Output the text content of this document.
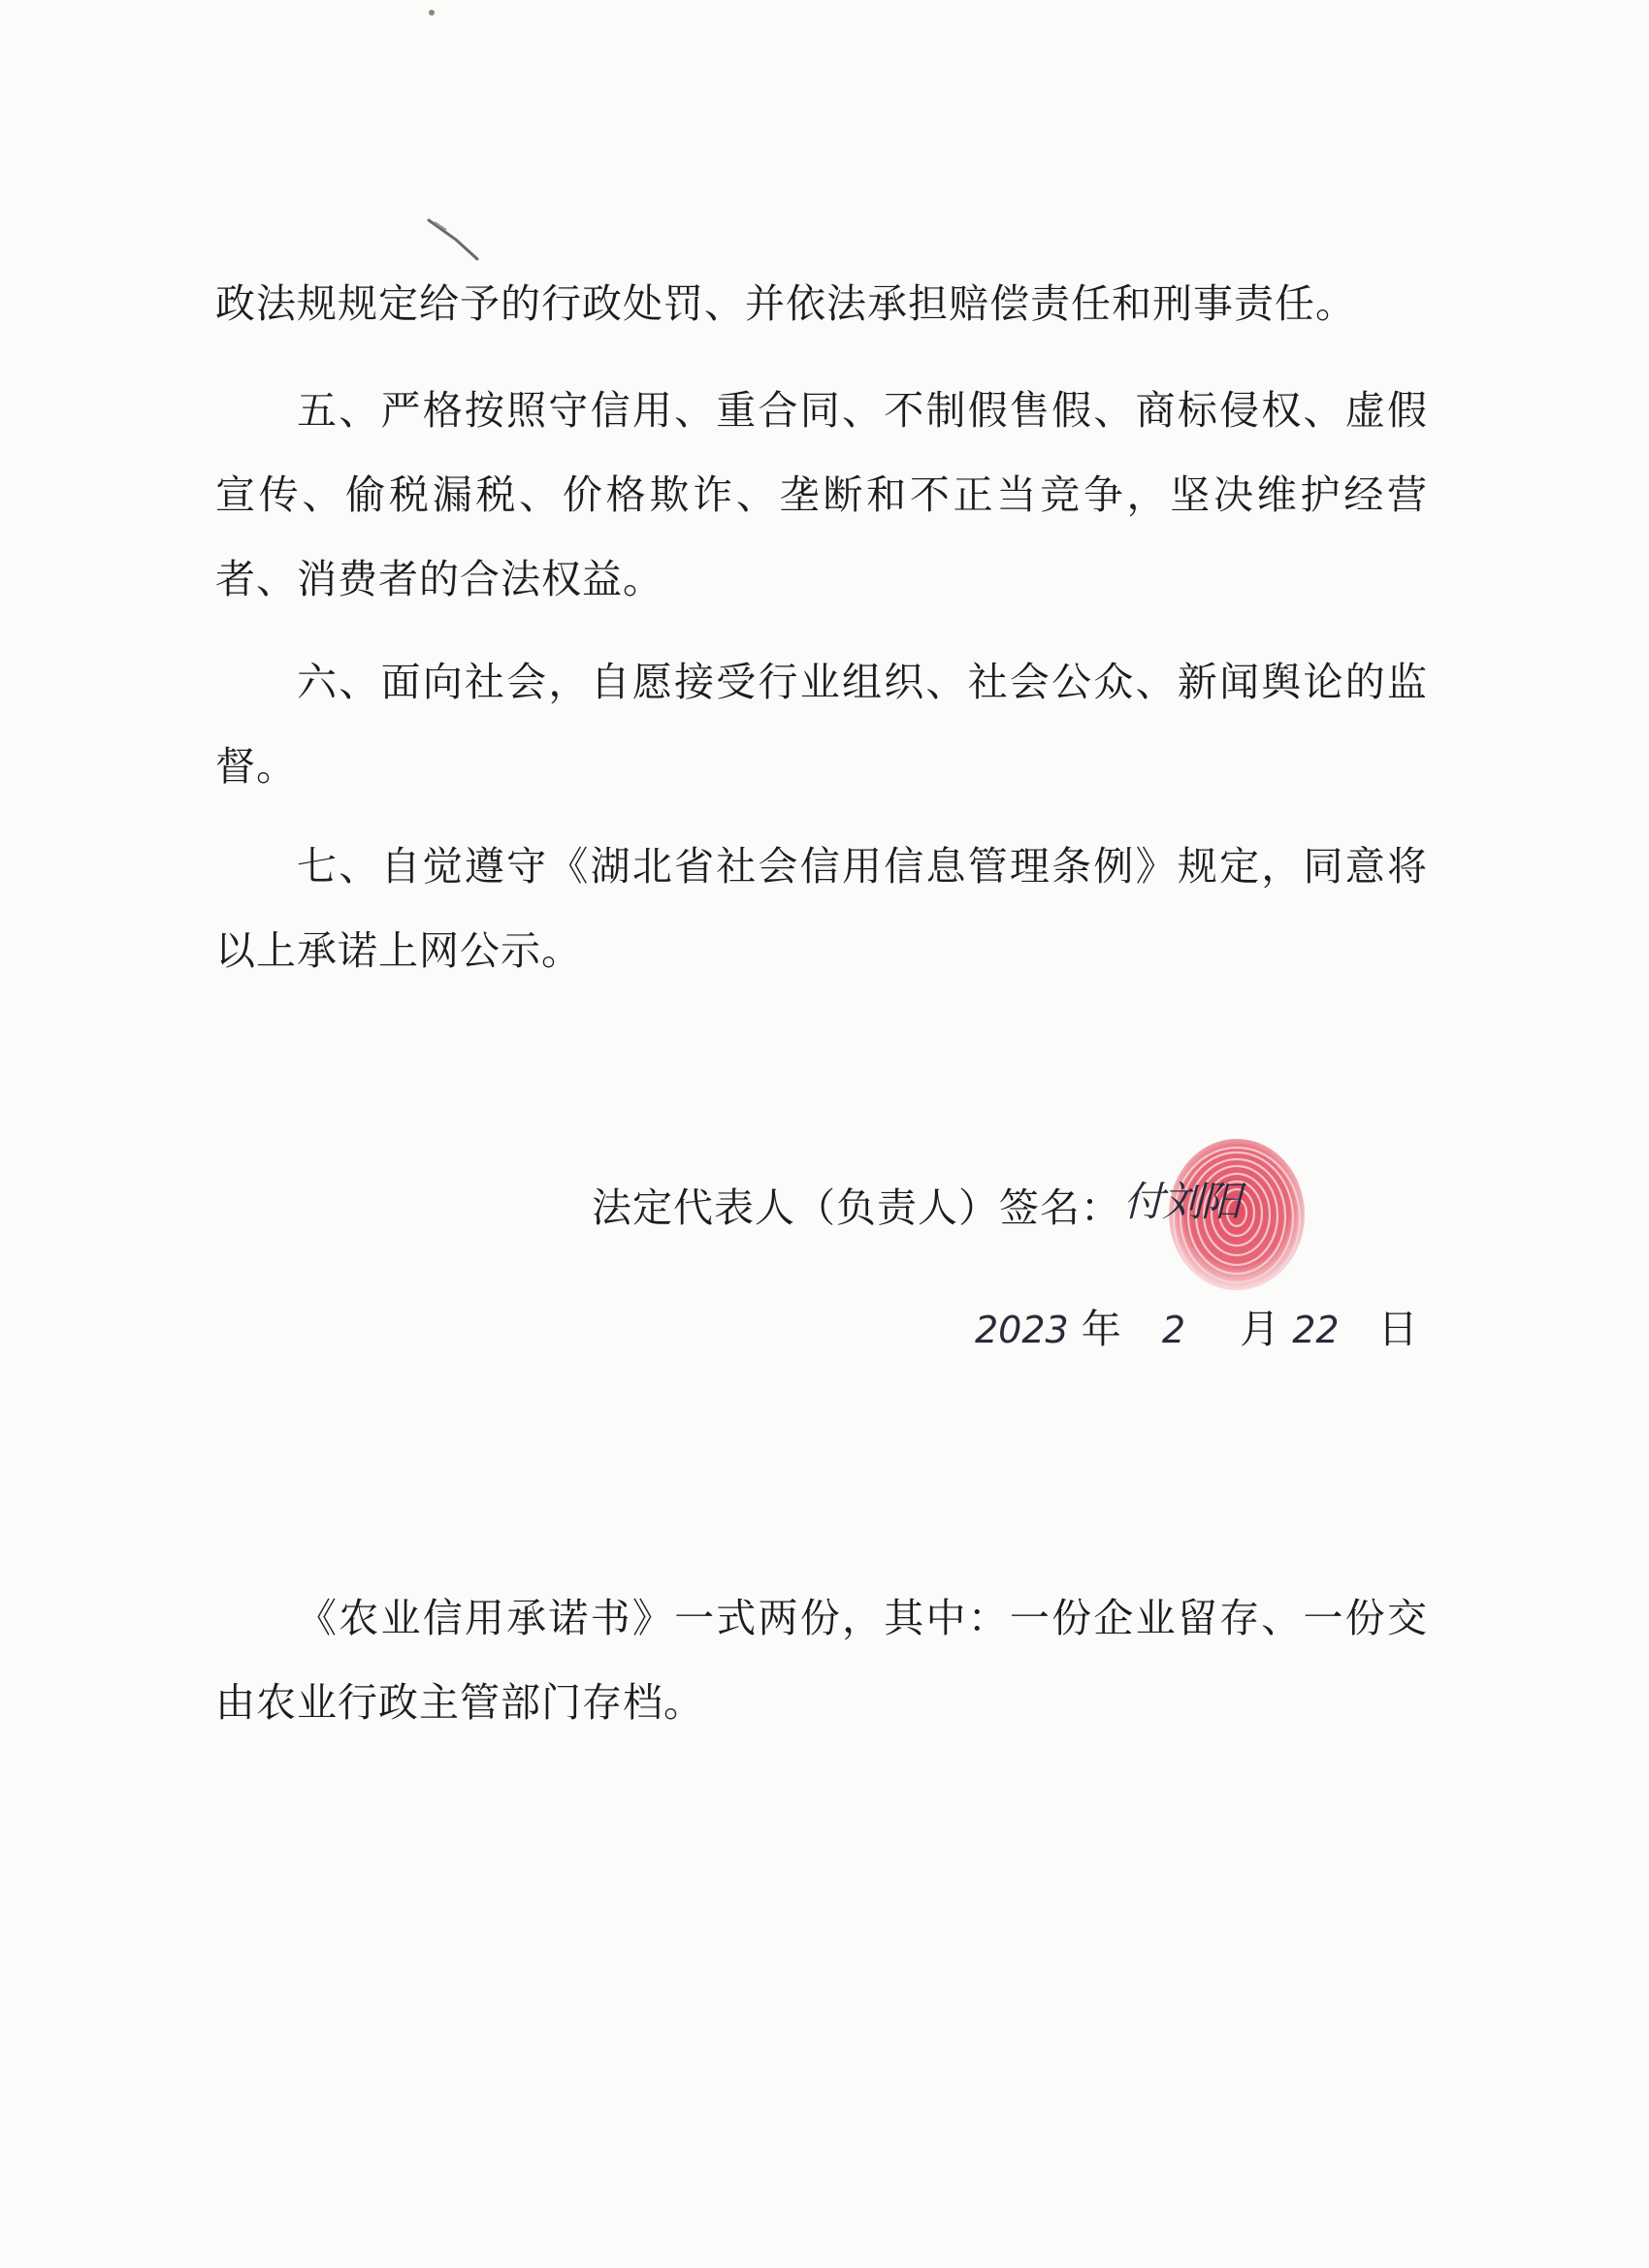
政法规规定给予的行政处罚、并依法承担赔偿责任和刑事责任。

五、严格按照守信用、重合同、不制假售假、商标侵权、虚假宣传、偷税漏税、价格欺诈、垄断和不正当竞争，坚决维护经营者、消费者的合法权益。

六、面向社会，自愿接受行业组织、社会公众、新闻舆论的监督。

七、自觉遵守《湖北省社会信用信息管理条例》规定，同意将以上承诺上网公示。

法定代表人（负责人）签名： 付刘阳
2023 年 2 月 22 日

《农业信用承诺书》一式两份，其中：一份企业留存、一份交由农业行政主管部门存档。
